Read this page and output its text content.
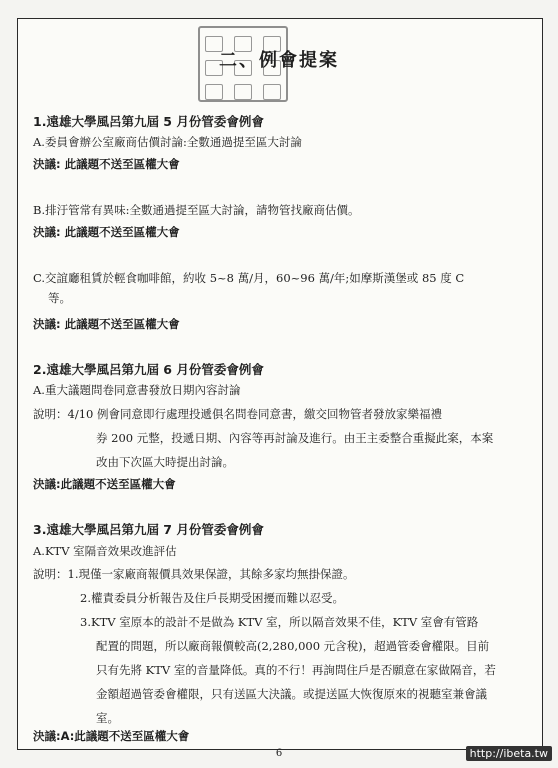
二、例會提案
1.遠雄大學風呂第九屆 5 月份管委會例會
A.委員會辦公室廠商估價討論:全數通過提至區大討論
決議: 此議題不送至區權大會
B.排汙管常有異味:全數通過提至區大討論，請物管找廠商估價。
決議: 此議題不送至區權大會
C.交誼廳租賃於輕食咖啡館，約收 5~8 萬/月，60~96 萬/年;如摩斯漢堡或 85 度 C
等。
決議: 此議題不送至區權大會
2.遠雄大學風呂第九屆 6 月份管委會例會
A.重大議題問卷同意書發放日期內容討論
說明：4/10 例會同意即行處理投遞俱名問卷同意書，繳交回物管者發放家樂福禮
券 200 元整，投遞日期、內容等再討論及進行。由王主委整合重擬此案，本案
改由下次區大時提出討論。
決議:此議題不送至區權大會
3.遠雄大學風呂第九屆 7 月份管委會例會
A.KTV 室隔音效果改進評估
說明：1.現僅一家廠商報價具效果保證，其餘多家均無掛保證。
2.權責委員分析報告及住戶長期受困擾而難以忍受。
3.KTV 室原本的設計不是做為 KTV 室，所以隔音效果不佳，KTV 室會有管路
配置的問題，所以廠商報價較高(2,280,000 元含稅)，超過管委會權限。目前
只有先將 KTV 室的音量降低。真的不行！再詢問住戶是否願意在家做隔音，若
金額超過管委會權限，只有送區大決議。或提送區大恢復原來的視聽室兼會議
室。
決議:A:此議題不送至區權大會
6	http://ibeta.tw
